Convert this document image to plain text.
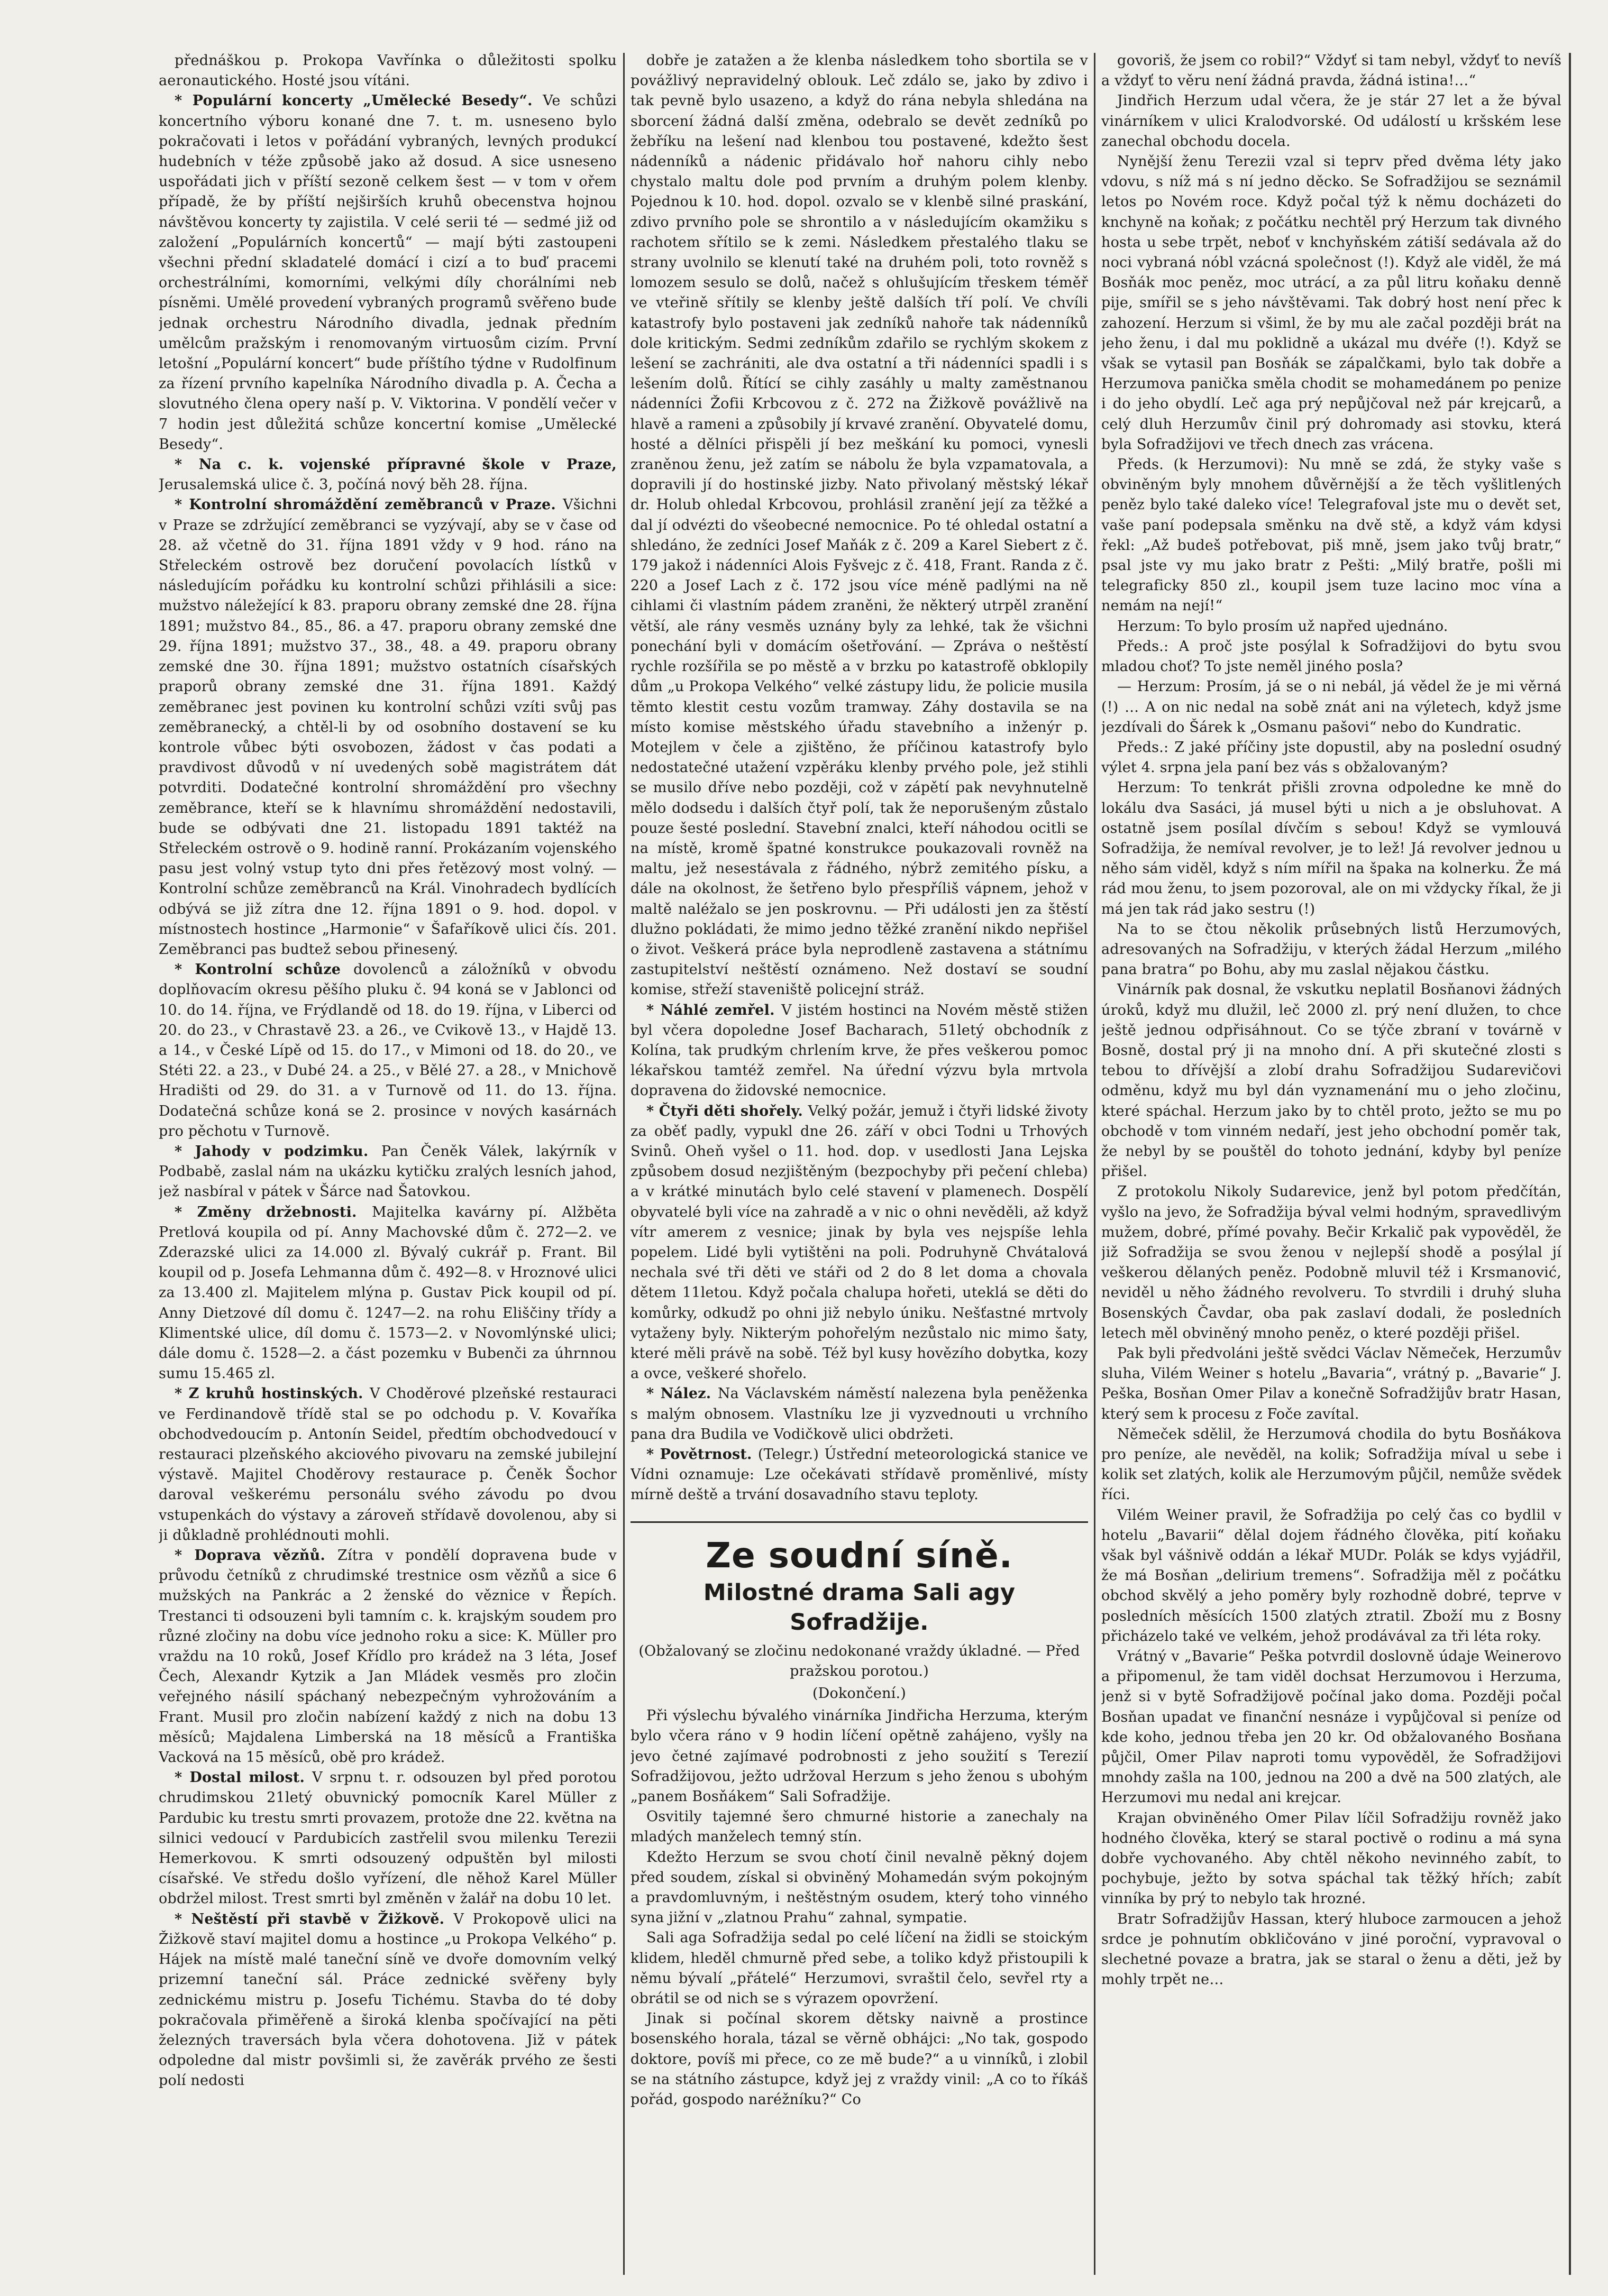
přednáškou p. Prokopa Vavřínka o důležitosti spolku aeronautického. Hosté jsou vítáni.

* Populární koncerty „Umělecké Besedy“. Ve schůzi koncertního výboru konané dne 7. t. m. usneseno bylo pokračovati i letos v pořádání vybraných, levných produkcí hudebních v téže způsobě jako až dosud. A sice usneseno uspořádati jich v příští sezoně celkem šest — v tom v ořem případě, že by příští nejširších kruhů obecenstva hojnou návštěvou koncerty ty zajistila. V celé serii té — sedmé již od založení „Populárních koncertů“ — mají býti zastoupeni všechni přední skladatelé domácí i cizí a to buď pracemi orchestrálními, komorními, velkými díly chorálními neb písněmi. Umělé provedení vybraných programů svěřeno bude jednak orchestru Národního divadla, jednak předním umělcům pražským i renomovaným virtuosům cizím. První letošní „Populární koncert“ bude příštího týdne v Rudolfinum za řízení prvního kapelníka Národního divadla p. A. Čecha a slovutného člena opery naší p. V. Viktorina. V pondělí večer v 7 hodin jest důležitá schůze koncertní komise „Umělecké Besedy“.

* Na c. k. vojenské přípravné škole v Praze, Jerusalemská ulice č. 3, počíná nový běh 28. října.

* Kontrolní shromáždění zeměbranců v Praze. Všichni v Praze se zdržující zeměbranci se vyzývají, aby se v čase od 28. až včetně do 31. října 1891 vždy v 9 hod. ráno na Střeleckém ostrově bez doručení povolacích lístků v následujícím pořádku ku kontrolní schůzi přihlásili a sice: mužstvo náležející k 83. praporu obrany zemské dne 28. října 1891; mužstvo 84., 85., 86. a 47. praporu obrany zemské dne 29. října 1891; mužstvo 37., 38., 48. a 49. praporu obrany zemské dne 30. října 1891; mužstvo ostatních císařských praporů obrany zemské dne 31. října 1891. Každý zeměbranec jest povinen ku kontrolní schůzi vzíti svůj pas zeměbranecký, a chtěl-li by od osobního dostavení se ku kontrole vůbec býti osvobozen, žádost v čas podati a pravdivost důvodů v ní uvedených sobě magistrátem dát potvrditi. Dodatečné kontrolní shromáždění pro všechny zeměbrance, kteří se k hlavnímu shromáždění nedostavili, bude se odbývati dne 21. listopadu 1891 taktéž na Střeleckém ostrově o 9. hodině ranní. Prokázaním vojenského pasu jest volný vstup tyto dni přes řetězový most volný. — Kontrolní schůze zeměbranců na Král. Vinohradech bydlících odbývá se již zítra dne 12. října 1891 o 9. hod. dopol. v místnostech hostince „Harmonie“ v Šafaříkově ulici čís. 201. Zeměbranci pas budtež sebou přinesený.

* Kontrolní schůze dovolenců a záložníků v obvodu doplňovacím okresu pěšího pluku č. 94 koná se v Jablonci od 10. do 14. října, ve Frýdlandě od 18. do 19. října, v Liberci od 20. do 23., v Chrastavě 23. a 26., ve Cvikově 13., v Hajdě 13. a 14., v České Lípě od 15. do 17., v Mimoni od 18. do 20., ve Stéti 22. a 23., v Dubé 24. a 25., v Bělé 27. a 28., v Mnichově Hradišti od 29. do 31. a v Turnově od 11. do 13. října. Dodatečná schůze koná se 2. prosince v nových kasárnách pro pěchotu v Turnově.

* Jahody v podzimku. Pan Čeněk Válek, lakýrník v Podbabě, zaslal nám na ukázku kytičku zralých lesních jahod, jež nasbíral v pátek v Šárce nad Šatovkou.

* Změny držebnosti. Majitelka kavárny pí. Alžběta Pretlová koupila od pí. Anny Machovské dům č. 272—2. ve Zderazské ulici za 14.000 zl. Bývalý cukrář p. Frant. Bil koupil od p. Josefa Lehmanna dům č. 492—8. v Hroznové ulici za 13.400 zl. Majitelem mlýna p. Gustav Pick koupil od pí. Anny Dietzové díl domu č. 1247—2. na rohu Eliščiny třídy a Klimentské ulice, díl domu č. 1573—2. v Novomlýnské ulici; dále domu č. 1528—2. a část pozemku v Bubenči za úhrnnou sumu 15.465 zl.

* Z kruhů hostinských. V Choděrové plzeňské restauraci ve Ferdinandově třídě stal se po odchodu p. V. Kovaříka obchodvedoucím p. Antonín Seidel, předtím obchodvedoucí v restauraci plzeňského akciového pivovaru na zemské jubilejní výstavě. Majitel Choděrovy restaurace p. Čeněk Šochor daroval veškerému personálu svého závodu po dvou vstupenkách do výstavy a zároveň střídavě dovolenou, aby si ji důkladně prohlédnouti mohli.

* Doprava vězňů. Zítra v pondělí dopravena bude v průvodu četníků z chrudimské trestnice osm vězňů a sice 6 mužských na Pankrác a 2 ženské do věznice v Řepích. Trestanci ti odsouzeni byli tamním c. k. krajským soudem pro různé zločiny na dobu více jednoho roku a sice: K. Müller pro vraždu na 10 roků, Josef Křídlo pro krádež na 3 léta, Josef Čech, Alexandr Kytzik a Jan Mládek vesměs pro zločin veřejného násilí spáchaný nebezpečným vyhrožováním a Frant. Musil pro zločin nabízení každý z nich na dobu 13 měsíců; Majdalena Limberská na 18 měsíců a Františka Vacková na 15 měsíců, obě pro krádež.

* Dostal milost. V srpnu t. r. odsouzen byl před porotou chrudimskou 21letý obuvnický pomocník Karel Müller z Pardubic ku trestu smrti provazem, protože dne 22. května na silnici vedoucí v Pardubicích zastřelil svou milenku Terezii Hemerkovou. K smrti odsouzený odpuštěn byl milosti císařské. Ve středu došlo vyřízení, dle něhož Karel Müller obdržel milost. Trest smrti byl změněn v žalář na dobu 10 let.

* Neštěstí při stavbě v Žižkově. V Prokopově ulici na Žižkově staví majitel domu a hostince „u Prokopa Velkého“ p. Hájek na místě malé taneční síně ve dvoře domovním velký prizemní taneční sál. Práce zednické svěřeny byly zednickému mistru p. Josefu Tichému. Stavba do té doby pokračovala přiměřeně a široká klenba spočívající na pěti železných traversách byla včera dohotovena. Již v pátek odpoledne dal mistr povšimli si, že zavěrák prvého ze šesti polí nedosti

dobře je zatažen a že klenba následkem toho sbortila se v povážlivý nepravidelný oblouk. Leč zdálo se, jako by zdivo i tak pevně bylo usazeno, a když do rána nebyla shledána na sborcení žádná další změna, odebralo se devět zedníků po žebříku na lešení nad klenbou tou postavené, kdežto šest nádenníků a nádenic přidávalo hoř nahoru cihly nebo chystalo maltu dole pod prvním a druhým polem klenby. Pojednou k 10. hod. dopol. ozvalo se v klenbě silné praskání, zdivo prvního pole se shrontilo a v následujícím okamžiku s rachotem sřítilo se k zemi. Následkem přestalého tlaku se strany uvolnilo se klenutí také na druhém poli, toto rovněž s lomozem sesulo se dolů, načež s ohlušujícím třeskem téměř ve vteřině sřítily se klenby ještě dalších tří polí. Ve chvíli katastrofy bylo postaveni jak zedníků nahoře tak nádenníků dole kritickým. Sedmi zedníkům zdařilo se rychlým skokem z lešení se zachrániti, ale dva ostatní a tři nádenníci spadli i s lešením dolů. Řítící se cihly zasáhly u malty zaměstnanou nádenníci Žofii Krbcovou z č. 272 na Žižkově povážlivě na hlavě a rameni a způsobily jí krvavé zranění. Obyvatelé domu, hosté a dělníci přispěli jí bez meškání ku pomoci, vynesli zraněnou ženu, jež zatím se nábolu že byla vzpamatovala, a dopravili jí do hostinské jizby. Nato přivolaný městský lékař dr. Holub ohledal Krbcovou, prohlásil zranění její za těžké a dal jí odvézti do všeobecné nemocnice. Po té ohledal ostatní a shledáno, že zedníci Josef Maňák z č. 209 a Karel Siebert z č. 179 jakož i nádenníci Alois Fyšvejc z č. 418, Frant. Randa z č. 220 a Josef Lach z č. 172 jsou více méně padlými na ně cihlami či vlastním pádem zraněni, že některý utrpěl zranění větší, ale rány vesměs uznány byly za lehké, tak že všichni ponechání byli v domácím ošetřování. — Zpráva o neštěstí rychle rozšířila se po městě a v brzku po katastrofě obklopily dům „u Prokopa Velkého“ velké zástupy lidu, že policie musila těmto klestit cestu vozům tramway. Záhy dostavila se na místo komise městského úřadu stavebního a inženýr p. Motejlem v čele a zjištěno, že příčinou katastrofy bylo nedostatečné utažení vzpěráku klenby prvého pole, jež stihli se musilo dříve nebo později, což v zápětí pak nevyhnutelně mělo dodsedu i dalších čtyř polí, tak že neporušeným zůstalo pouze šesté poslední. Stavební znalci, kteří náhodou ocitli se na místě, kromě špatné konstrukce poukazovali rovněž na maltu, jež nesestávala z řádného, nýbrž zemitého písku, a dále na okolnost, že šetřeno bylo přespříliš vápnem, jehož v maltě naléžalo se jen poskrovnu. — Při události jen za štěstí dlužno pokládati, že mimo jedno těžké zranění nikdo nepřišel o život. Veškerá práce byla neprodleně zastavena a státnímu zastupitelství neštěstí oznámeno. Než dostaví se soudní komise, střeží staveniště policejní stráž.

* Náhlé zemřel. V jistém hostinci na Novém městě stižen byl včera dopoledne Josef Bacharach, 51letý obchodník z Kolína, tak prudkým chrlením krve, že přes veškerou pomoc lékařskou tamtéž zemřel. Na úřední výzvu byla mrtvola dopravena do židovské nemocnice.

* Čtyři děti shořely. Velký požár, jemuž i čtyři lidské životy za oběť padly, vypukl dne 26. září v obci Todni u Trhových Svinů. Oheň vyšel o 11. hod. dop. v usedlosti Jana Lejska způsobem dosud nezjištěným (bezpochyby při pečení chleba) a v krátké minutách bylo celé stavení v plamenech. Dospělí obyvatelé byli více na zahradě a v nic o ohni nevěděli, až když vítr amerem z vesnice; jinak by byla ves nejspíše lehla popelem. Lidé byli vytištěni na poli. Podruhyně Chvátalová nechala své tři děti ve stáři od 2 do 8 let doma a chovala dětem 11letou. Když počala chalupa hořeti, uteklá se děti do komůrky, odkudž po ohni již nebylo úniku. Nešťastné mrtvoly vytaženy byly. Nikterým pohořelým nezůstalo nic mimo šaty, které měli právě na sobě. Též byl kusy hovězího dobytka, kozy a ovce, veškeré shořelo.

* Nález. Na Václavském náměstí nalezena byla peněženka s malým obnosem. Vlastníku lze ji vyzvednouti u vrchního pana dra Budila ve Vodičkově ulici obdržeti.

* Povětrnost. (Telegr.) Ústřední meteorologická stanice ve Vídni oznamuje: Lze očekávati střídavě proměnlivé, místy mírně deště a trvání dosavadního stavu teploty.

Ze soudní síně.
Milostné drama Sali agy Sofradžije.

(Obžalovaný se zločinu nedokonané vraždy úkladné. — Před pražskou porotou.)

(Dokončení.)

Při výslechu bývalého vinárníka Jindřicha Herzuma, kterým bylo včera ráno v 9 hodin líčení opětně zahájeno, vyšly na jevo četné zajímavé podrobnosti z jeho soužití s Terezií Sofradžijovou, ježto udržoval Herzum s jeho ženou s ubohým „panem Bosňákem“ Sali Sofradžije.

Osvitily tajemné šero chmurné historie a zanechaly na mladých manželech temný stín.

Kdežto Herzum se svou chotí činil nevalně pěkný dojem před soudem, získal si obviněný Mohamedán svým pokojným a pravdomluvným, i neštěstným osudem, který toho vinného syna jižní v „zlatnou Prahu“ zahnal, sympatie.

Sali aga Sofradžija sedal po celé líčení na židli se stoickým klidem, hleděl chmurně před sebe, a toliko když přistoupili k němu bývalí „přátelé“ Herzumovi, svraštil čelo, sevřel rty a obrátil se od nich se s výrazem opovržení.

Jinak si počínal skorem dětsky naivně a prostince bosenského horala, tázal se věrně obhájci: „No tak, gospodo doktore, povíš mi přece, co ze mě bude?“ a u vinníků, i zlobil se na státního zástupce, když jej z vraždy vinil: „A co to říkáš pořád, gospodo naréžníku?“ Co

govoriš, že jsem co robil?“ Vždyť si tam nebyl, vždyť to nevíš a vždyť to věru není žádná pravda, žádná istina!…“

Jindřich Herzum udal včera, že je stár 27 let a že býval vinárníkem v ulici Kralodvorské. Od událostí u kršském lese zanechal obchodu docela.

Nynější ženu Terezii vzal si teprv před dvěma léty jako vdovu, s níž má s ní jedno děcko. Se Sofradžijou se seznámil letos po Novém roce. Když počal týž k němu docházeti do knchyně na koňak; z počátku nechtěl prý Herzum tak divného hosta u sebe trpět, neboť v knchyňském zátiší sedávala až do noci vybraná nóbl vzácná společnost (!). Když ale viděl, že má Bosňák moc peněz, moc utrácí, a za půl litru koňaku denně pije, smířil se s jeho návštěvami. Tak dobrý host není přec k zahození. Herzum si všiml, že by mu ale začal později brát na jeho ženu, i dal mu poklidně a ukázal mu dvéře (!). Když se však se vytasil pan Bosňák se zápalčkami, bylo tak dobře a Herzumova panička směla chodit se mohamedánem po penize i do jeho obydlí. Leč aga prý nepůjčoval než pár krejcarů, a celý dluh Herzumův činil prý dohromady asi stovku, která byla Sofradžijovi ve třech dnech zas vrácena.

Předs. (k Herzumovi): Nu mně se zdá, že styky vaše s obviněným byly mnohem důvěrnější a že těch vyšlitlených peněz bylo také daleko více! Telegrafoval jste mu o devět set, vaše paní podepsala směnku na dvě stě, a když vám kdysi řekl: „Až budeš potřebovat, piš mně, jsem jako tvůj bratr,“ psal jste vy mu jako bratr z Pešti: „Milý bratře, pošli mi telegraficky 850 zl., koupil jsem tuze lacino moc vína a nemám na nejí!“

Herzum: To bylo prosím už napřed ujednáno.

Předs.: A proč jste posýlal k Sofradžijovi do bytu svou mladou choť? To jste neměl jiného posla?

— Herzum: Prosím, já se o ni nebál, já vědel že je mi věrná (!) … A on nic nedal na sobě znát ani na výletech, když jsme jezdívali do Šárek k „Osmanu pašovi“ nebo do Kundratic.

Předs.: Z jaké příčiny jste dopustil, aby na poslední osudný výlet 4. srpna jela paní bez vás s obžalovaným?

Herzum: To tenkrát přišli zrovna odpoledne ke mně do lokálu dva Sasáci, já musel býti u nich a je obsluhovat. A ostatně jsem posílal dívčím s sebou! Když se vymlouvá Sofradžija, že nemíval revolver, je to lež! Já revolver jednou u něho sám viděl, když s ním mířil na špaka na kolnerku. Že má rád mou ženu, to jsem pozoroval, ale on mi vždycky říkal, že ji má jen tak rád jako sestru (!)

Na to se čtou několik průsebných listů Herzumových, adresovaných na Sofradžiju, v kterých žádal Herzum „milého pana bratra“ po Bohu, aby mu zaslal nějakou částku.

Vinárník pak dosnal, že vskutku neplatil Bosňanovi žádných úroků, když mu dlužil, leč 2000 zl. prý není dlužen, to chce ještě jednou odpřisáhnout. Co se týče zbraní v továrně v Bosně, dostal prý ji na mnoho dní. A při skutečné zlosti s tebou to dřívější a zlobí drahu Sofradžijou Sudarevičovi odměnu, když mu byl dán vyznamenání mu o jeho zločinu, které spáchal. Herzum jako by to chtěl proto, ježto se mu po obchodě v tom vinném nedaří, jest jeho obchodní poměr tak, že nebyl by se pouštěl do tohoto jednání, kdyby byl peníze přišel.

Z protokolu Nikoly Sudarevice, jenž byl potom předčítán, vyšlo na jevo, že Sofradžija býval velmi hodným, spravedlivým mužem, dobré, přímé povahy. Bečir Krkalič pak vypověděl, že již Sofradžija se svou ženou v nejlepší shodě a posýlal jí veškerou dělaných peněz. Podobně mluvil též i Krsmanović, neviděl u něho žádného revolveru. To stvrdili i druhý sluha Bosenských Čavdar, oba pak zaslaví dodali, že posledních letech měl obviněný mnoho peněz, o které později přišel.

Pak byli předvoláni ještě svědci Václav Němeček, Herzumův sluha, Vilém Weiner s hotelu „Bavaria“, vrátný p. „Bavarie“ J. Peška, Bosňan Omer Pilav a konečně Sofradžijův bratr Hasan, který sem k procesu z Foče zavítal.

Němeček sdělil, že Herzumová chodila do bytu Bosňákova pro peníze, ale nevěděl, na kolik; Sofradžija míval u sebe i kolik set zlatých, kolik ale Herzumovým půjčil, nemůže svědek říci.

Vilém Weiner pravil, že Sofradžija po celý čas co bydlil v hotelu „Bavarii“ dělal dojem řádného člověka, pití koňaku však byl vášnivě oddán a lékař MUDr. Polák se kdys vyjádřil, že má Bosňan „delirium tremens“. Sofradžija měl z počátku obchod skvělý a jeho poměry byly rozhodně dobré, teprve v posledních měsících 1500 zlatých ztratil. Zboží mu z Bosny přicházelo také ve velkém, jehož prodávával za tři léta roky.

Vrátný v „Bavarie“ Peška potvrdil doslovně údaje Weinerovo a připomenul, že tam viděl dochsat Herzumovou i Herzuma, jenž si v bytě Sofradžijově počínal jako doma. Později počal Bosňan upadat ve finanční nesnáze i vypůjčoval si peníze od kde koho, jednou třeba jen 20 kr. Od obžalovaného Bosňana půjčil, Omer Pilav naproti tomu vypověděl, že Sofradžijovi mnohdy zašla na 100, jednou na 200 a dvě na 500 zlatých, ale Herzumovi mu nedal ani krejcar.

Krajan obviněného Omer Pilav líčil Sofradžiju rovněž jako hodného člověka, který se staral poctivě o rodinu a má syna dobře vychovaného. Aby chtěl někoho nevinného zabít, to pochybuje, ježto by sotva spáchal tak těžký hřích; zabít vinníka by prý to nebylo tak hrozné.

Bratr Sofradžijův Hassan, který hluboce zarmoucen a jehož srdce je pohnutím obkličováno v jiné poroční, vypravoval o slechetné povaze a bratra, jak se staral o ženu a děti, jež by mohly trpět ne…
